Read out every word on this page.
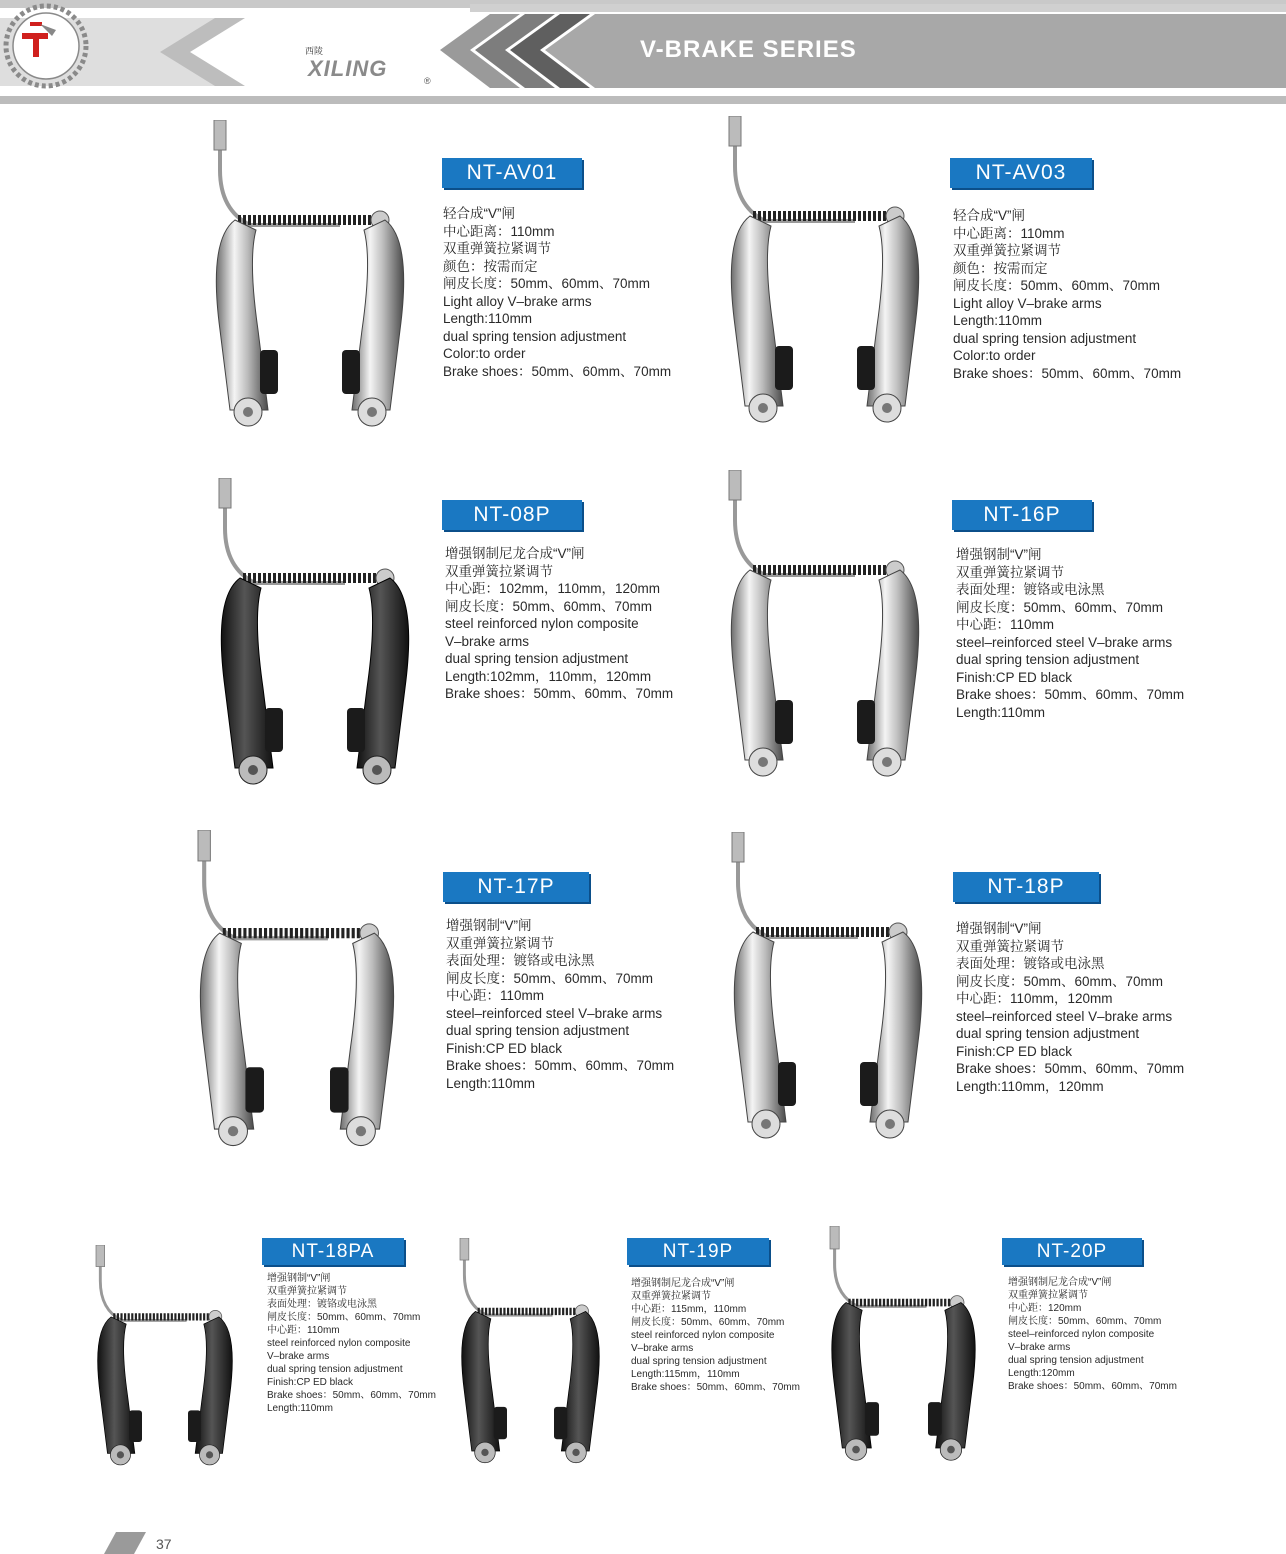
V-BRAKE SERIES
西陵
XILING	®
NT-AV01
轻合成“V”闸
中心距离：110mm
双重弹簧拉紧调节
颜色：按需而定
闸皮长度：50mm、60mm、70mm
Light alloy V–brake arms
Length:110mm
dual spring tension adjustment
Color:to order
Brake shoes：50mm、60mm、70mm
NT-AV03
轻合成“V”闸
中心距离：110mm
双重弹簧拉紧调节
颜色：按需而定
闸皮长度：50mm、60mm、70mm
Light alloy V–brake arms
Length:110mm
dual spring tension adjustment
Color:to order
Brake shoes：50mm、60mm、70mm
NT-08P
增强钢制尼龙合成“V”闸
双重弹簧拉紧调节
中心距：102mm，110mm，120mm
闸皮长度：50mm、60mm、70mm
steel reinforced nylon composite
V–brake arms
dual spring tension adjustment
Length:102mm，110mm，120mm
Brake shoes：50mm、60mm、70mm
NT-16P
增强钢制“V”闸
双重弹簧拉紧调节
表面处理：镀铬或电泳黑
闸皮长度：50mm、60mm、70mm
中心距：110mm
steel–reinforced steel V–brake arms
dual spring tension adjustment
Finish:CP ED black
Brake shoes：50mm、60mm、70mm
Length:110mm
NT-17P
增强钢制“V”闸
双重弹簧拉紧调节
表面处理：镀铬或电泳黑
闸皮长度：50mm、60mm、70mm
中心距：110mm
steel–reinforced steel V–brake arms
dual spring tension adjustment
Finish:CP ED black
Brake shoes：50mm、60mm、70mm
Length:110mm
NT-18P
增强钢制“V”闸
双重弹簧拉紧调节
表面处理：镀铬或电泳黑
闸皮长度：50mm、60mm、70mm
中心距：110mm，120mm
steel–reinforced steel V–brake arms
dual spring tension adjustment
Finish:CP ED black
Brake shoes：50mm、60mm、70mm
Length:110mm，120mm
NT-18PA
增强钢制“V”闸
双重弹簧拉紧调节
表面处理：镀铬或电泳黑
闸皮长度：50mm、60mm、70mm
中心距：110mm
steel reinforced nylon composite
V–brake arms
dual spring tension adjustment
Finish:CP ED black
Brake shoes：50mm、60mm、70mm
Length:110mm
NT-19P
增强钢制尼龙合成“V”闸
双重弹簧拉紧调节
中心距：115mm，110mm
闸皮长度：50mm、60mm、70mm
steel reinforced nylon composite
V–brake arms
dual spring tension adjustment
Length:115mm，110mm
Brake shoes：50mm、60mm、70mm
NT-20P
增强钢制尼龙合成“V”闸
双重弹簧拉紧调节
中心距：120mm
闸皮长度：50mm、60mm、70mm
steel–reinforced nylon composite
V–brake arms
dual spring tension adjustment
Length:120mm
Brake shoes：50mm、60mm、70mm
37
